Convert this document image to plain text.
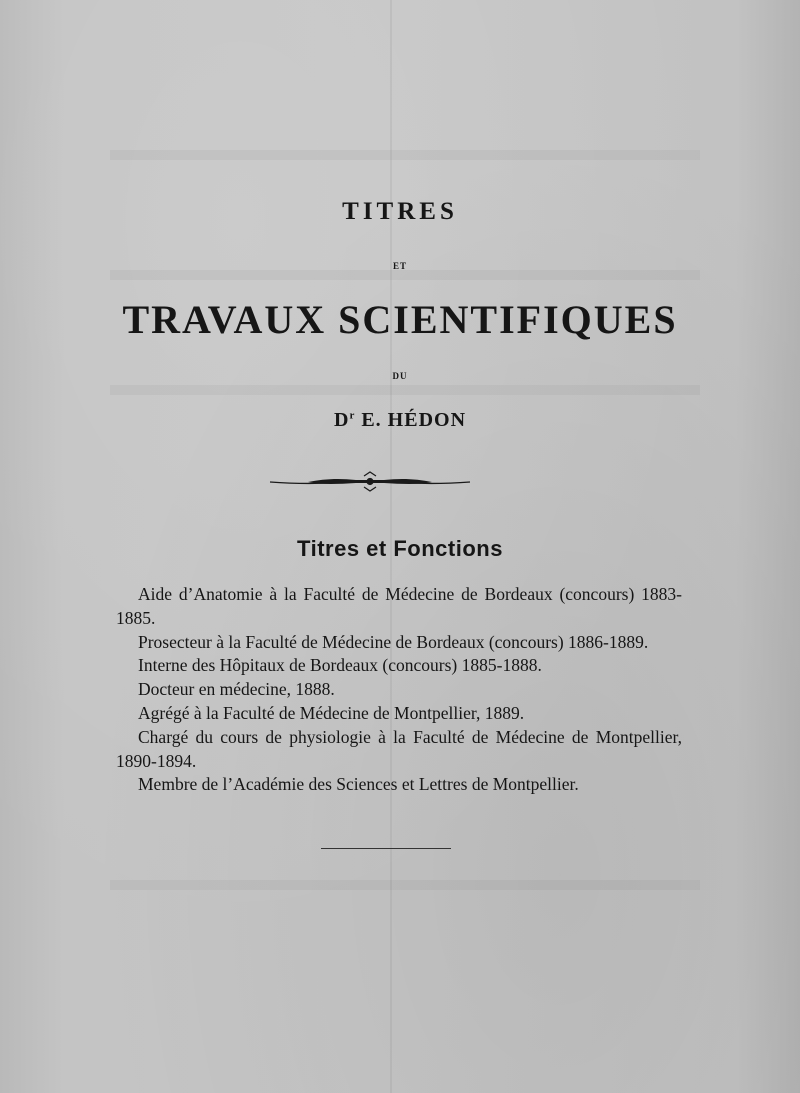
TITRES
ET
TRAVAUX SCIENTIFIQUES
DU
$D^r$ E. HÉDON
Titres et Fonctions

Aide d’Anatomie à la Faculté de Médecine de Bordeaux (concours) 1883-1885.

Prosecteur à la Faculté de Médecine de Bordeaux (concours) 1886-1889.

Interne des Hôpitaux de Bordeaux (concours) 1885-1888.

Docteur en médecine, 1888.

Agrégé à la Faculté de Médecine de Montpellier, 1889.

Chargé du cours de physiologie à la Faculté de Médecine de Montpellier, 1890-1894.

Membre de l’Académie des Sciences et Lettres de Montpellier.
